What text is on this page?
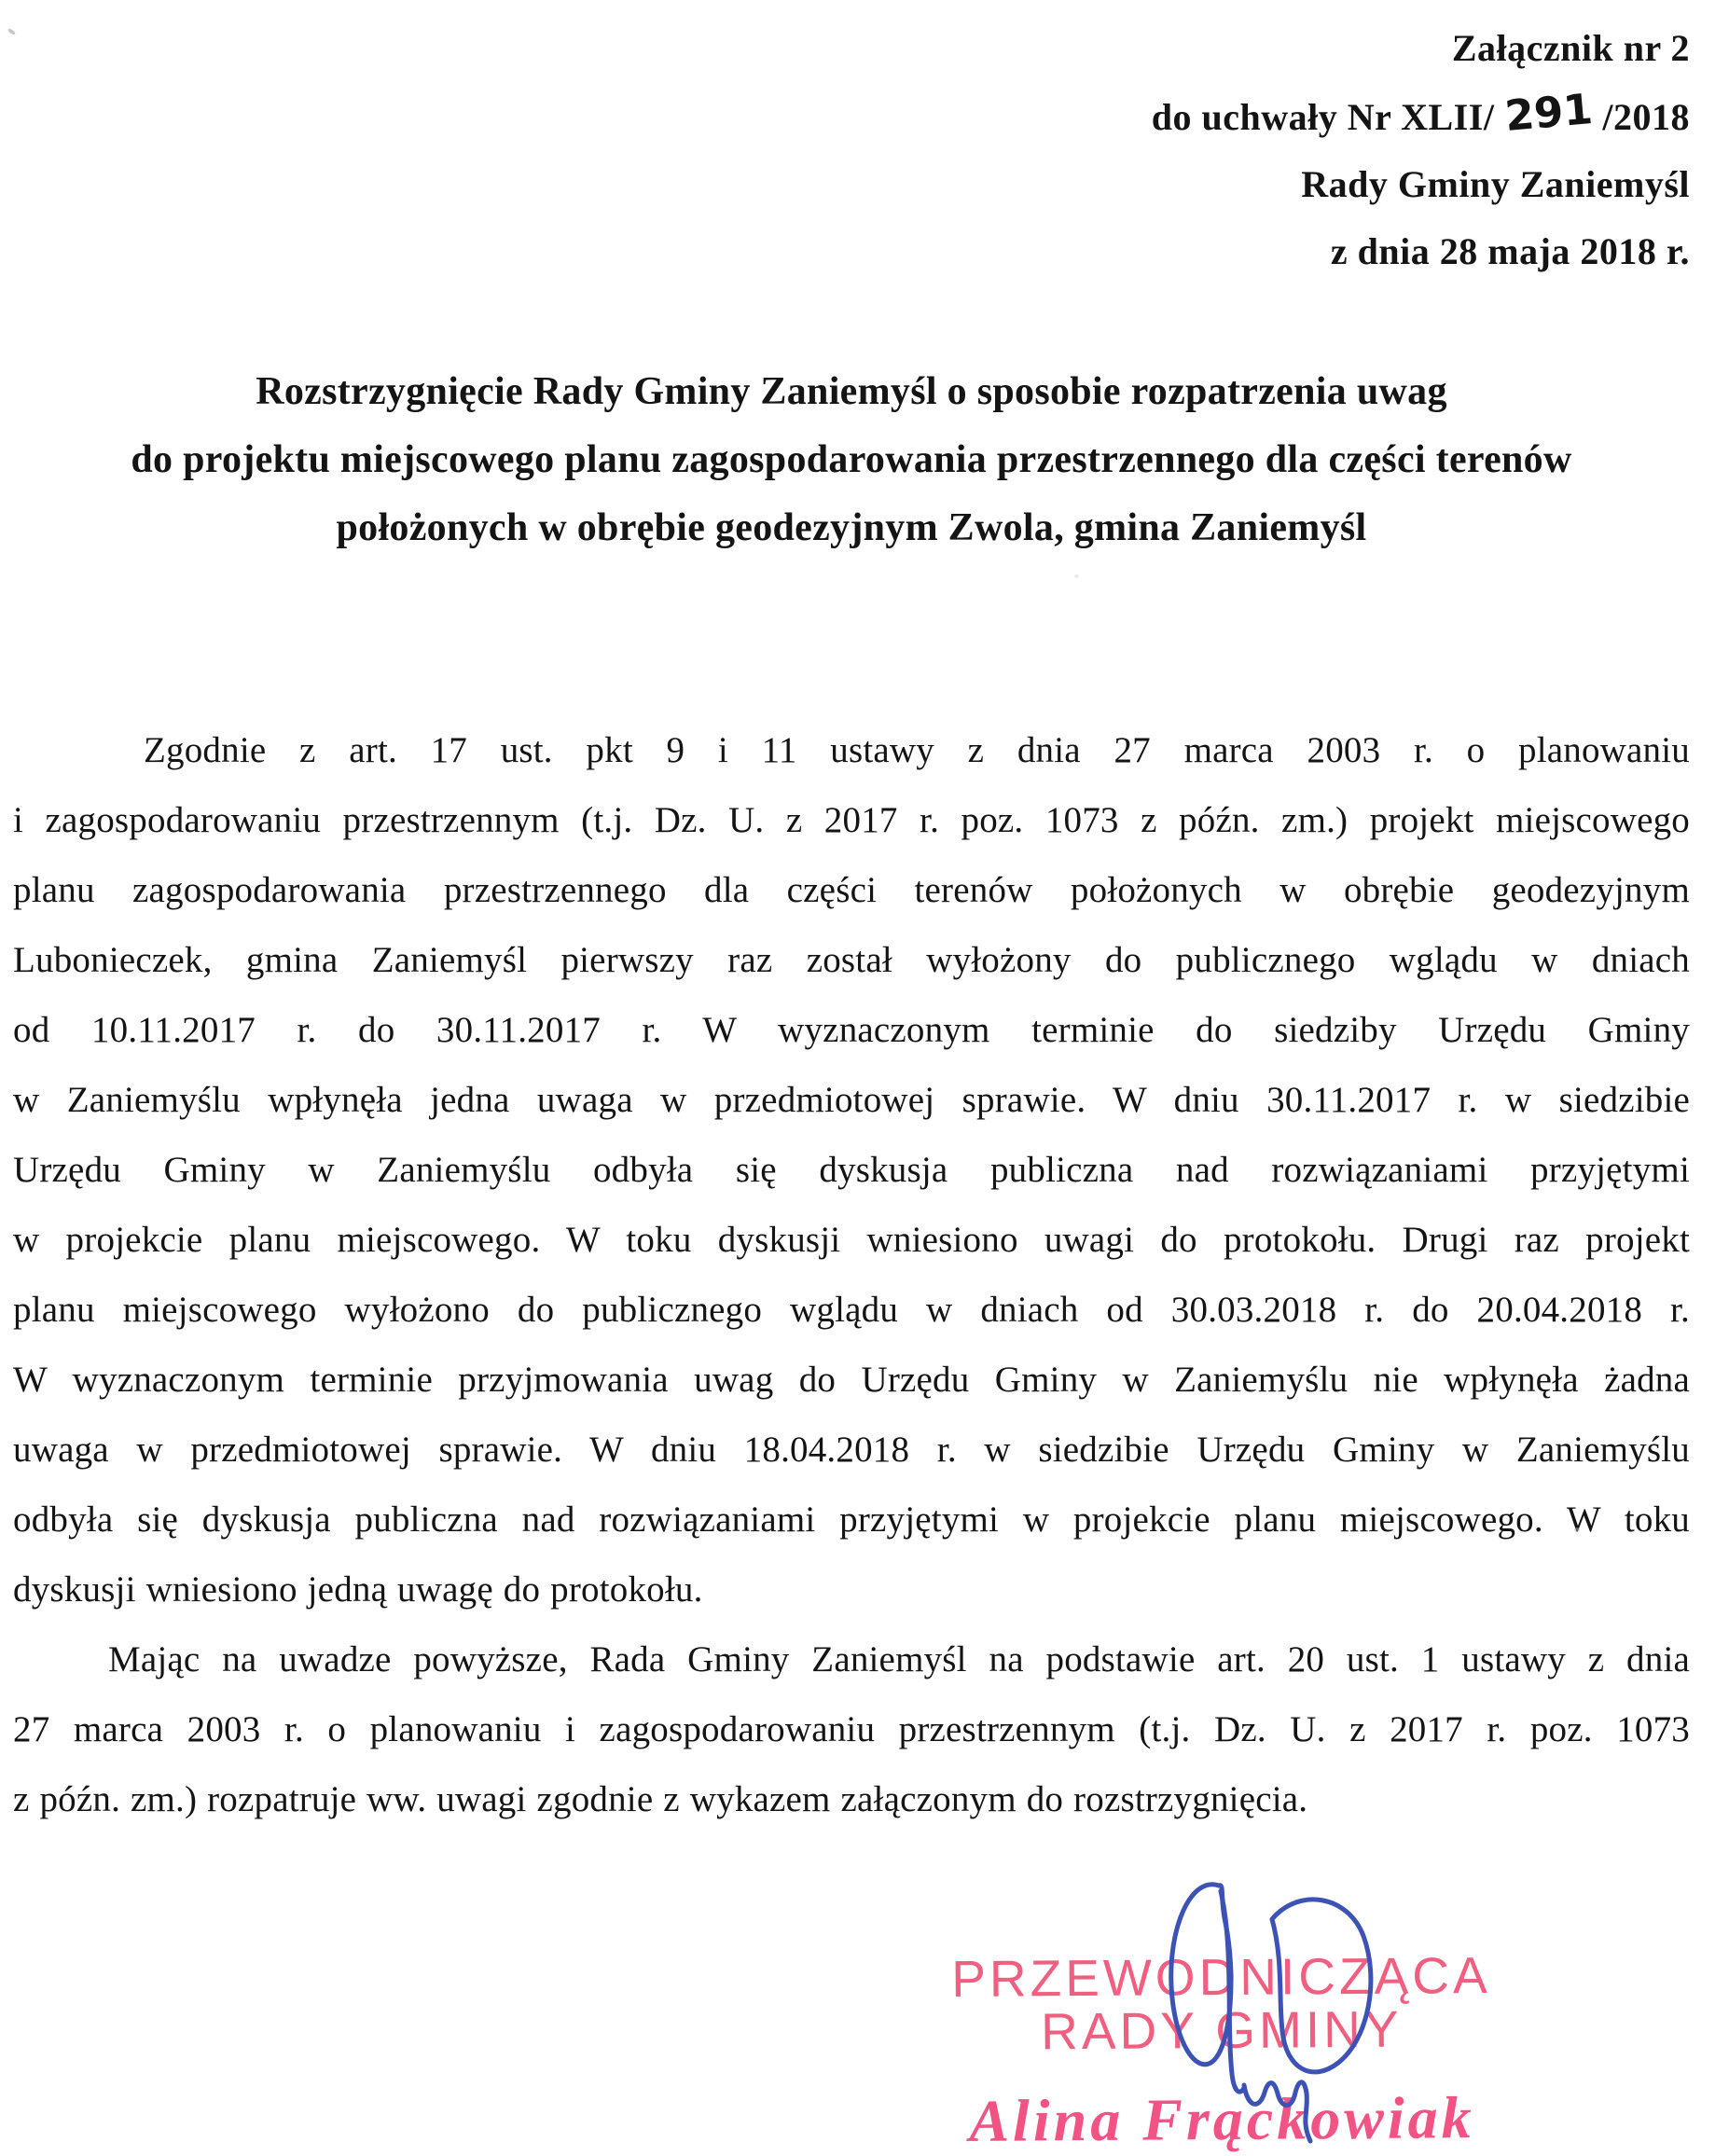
Załącznik nr 2
do uchwały Nr XLII/ 291 /2018
Rady Gminy Zaniemyśl
z dnia 28 maja 2018 r.
Rozstrzygnięcie Rady Gminy Zaniemyśl o sposobie rozpatrzenia uwag
do projektu miejscowego planu zagospodarowania przestrzennego dla części terenów
położonych w obrębie geodezyjnym Zwola, gmina Zaniemyśl
Zgodnie z art. 17 ust. pkt 9 i 11 ustawy z dnia 27 marca 2003 r. o planowaniu
i zagospodarowaniu przestrzennym (t.j. Dz. U. z 2017 r. poz. 1073 z późn. zm.) projekt miejscowego
planu zagospodarowania przestrzennego dla części terenów położonych w obrębie geodezyjnym
Lubonieczek, gmina Zaniemyśl pierwszy raz został wyłożony do publicznego wglądu w dniach
od 10.11.2017 r. do 30.11.2017 r. W wyznaczonym terminie do siedziby Urzędu Gminy
w Zaniemyślu wpłynęła jedna uwaga w przedmiotowej sprawie. W dniu 30.11.2017 r. w siedzibie
Urzędu Gminy w Zaniemyślu odbyła się dyskusja publiczna nad rozwiązaniami przyjętymi
w projekcie planu miejscowego. W toku dyskusji wniesiono uwagi do protokołu. Drugi raz projekt
planu miejscowego wyłożono do publicznego wglądu w dniach od 30.03.2018 r. do 20.04.2018 r.
W wyznaczonym terminie przyjmowania uwag do Urzędu Gminy w Zaniemyślu nie wpłynęła żadna
uwaga w przedmiotowej sprawie. W dniu 18.04.2018 r. w siedzibie Urzędu Gminy w Zaniemyślu
odbyła się dyskusja publiczna nad rozwiązaniami przyjętymi w projekcie planu miejscowego. W toku
dyskusji wniesiono jedną uwagę do protokołu.
Mając na uwadze powyższe, Rada Gminy Zaniemyśl na podstawie art. 20 ust. 1 ustawy z dnia
27 marca 2003 r. o planowaniu i zagospodarowaniu przestrzennym (t.j. Dz. U. z 2017 r. poz. 1073
z późn. zm.) rozpatruje ww. uwagi zgodnie z wykazem załączonym do rozstrzygnięcia.
PRZEWODNICZĄCA
RADY GMINY
Alina Frąckowiak
